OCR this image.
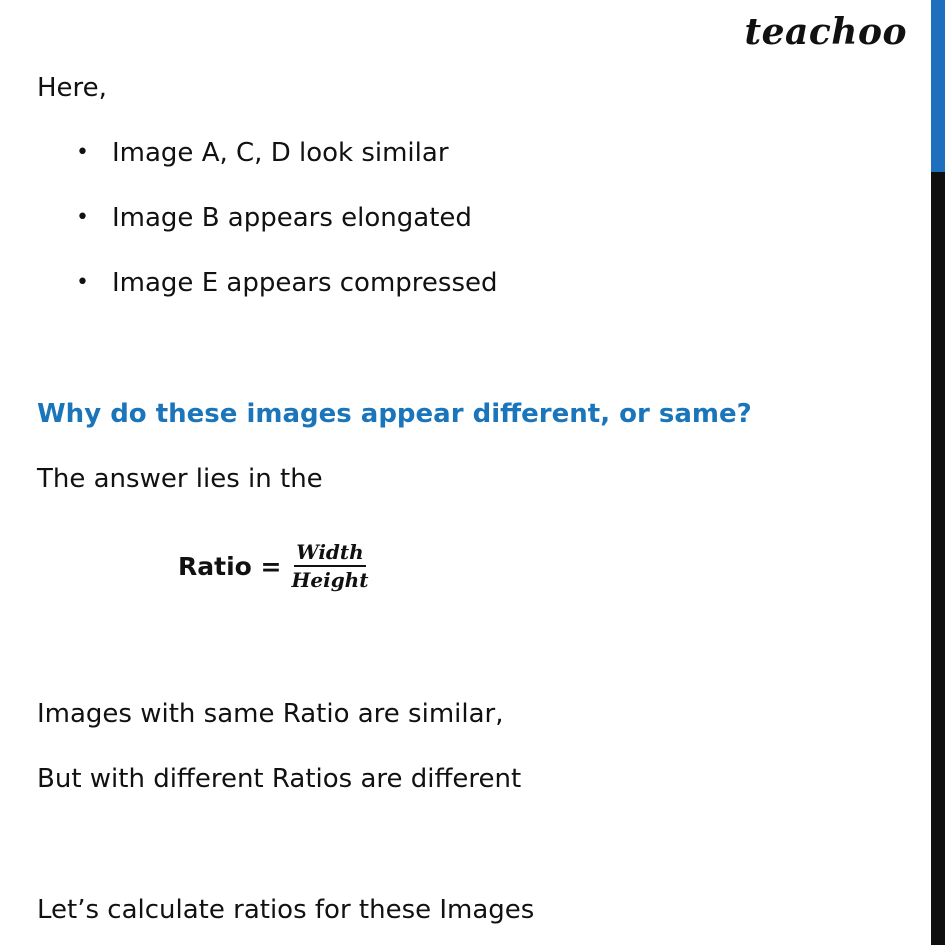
teachoo
Here,
• Image A, C, D look similar
• Image B appears elongated
• Image E appears compressed
Why do these images appear different, or same?
The answer lies in the
Ratio = $\frac{\text{Width}}{\text{Height}}$
Images with same Ratio are similar,
But with different Ratios are different
Let’s calculate ratios for these Images
